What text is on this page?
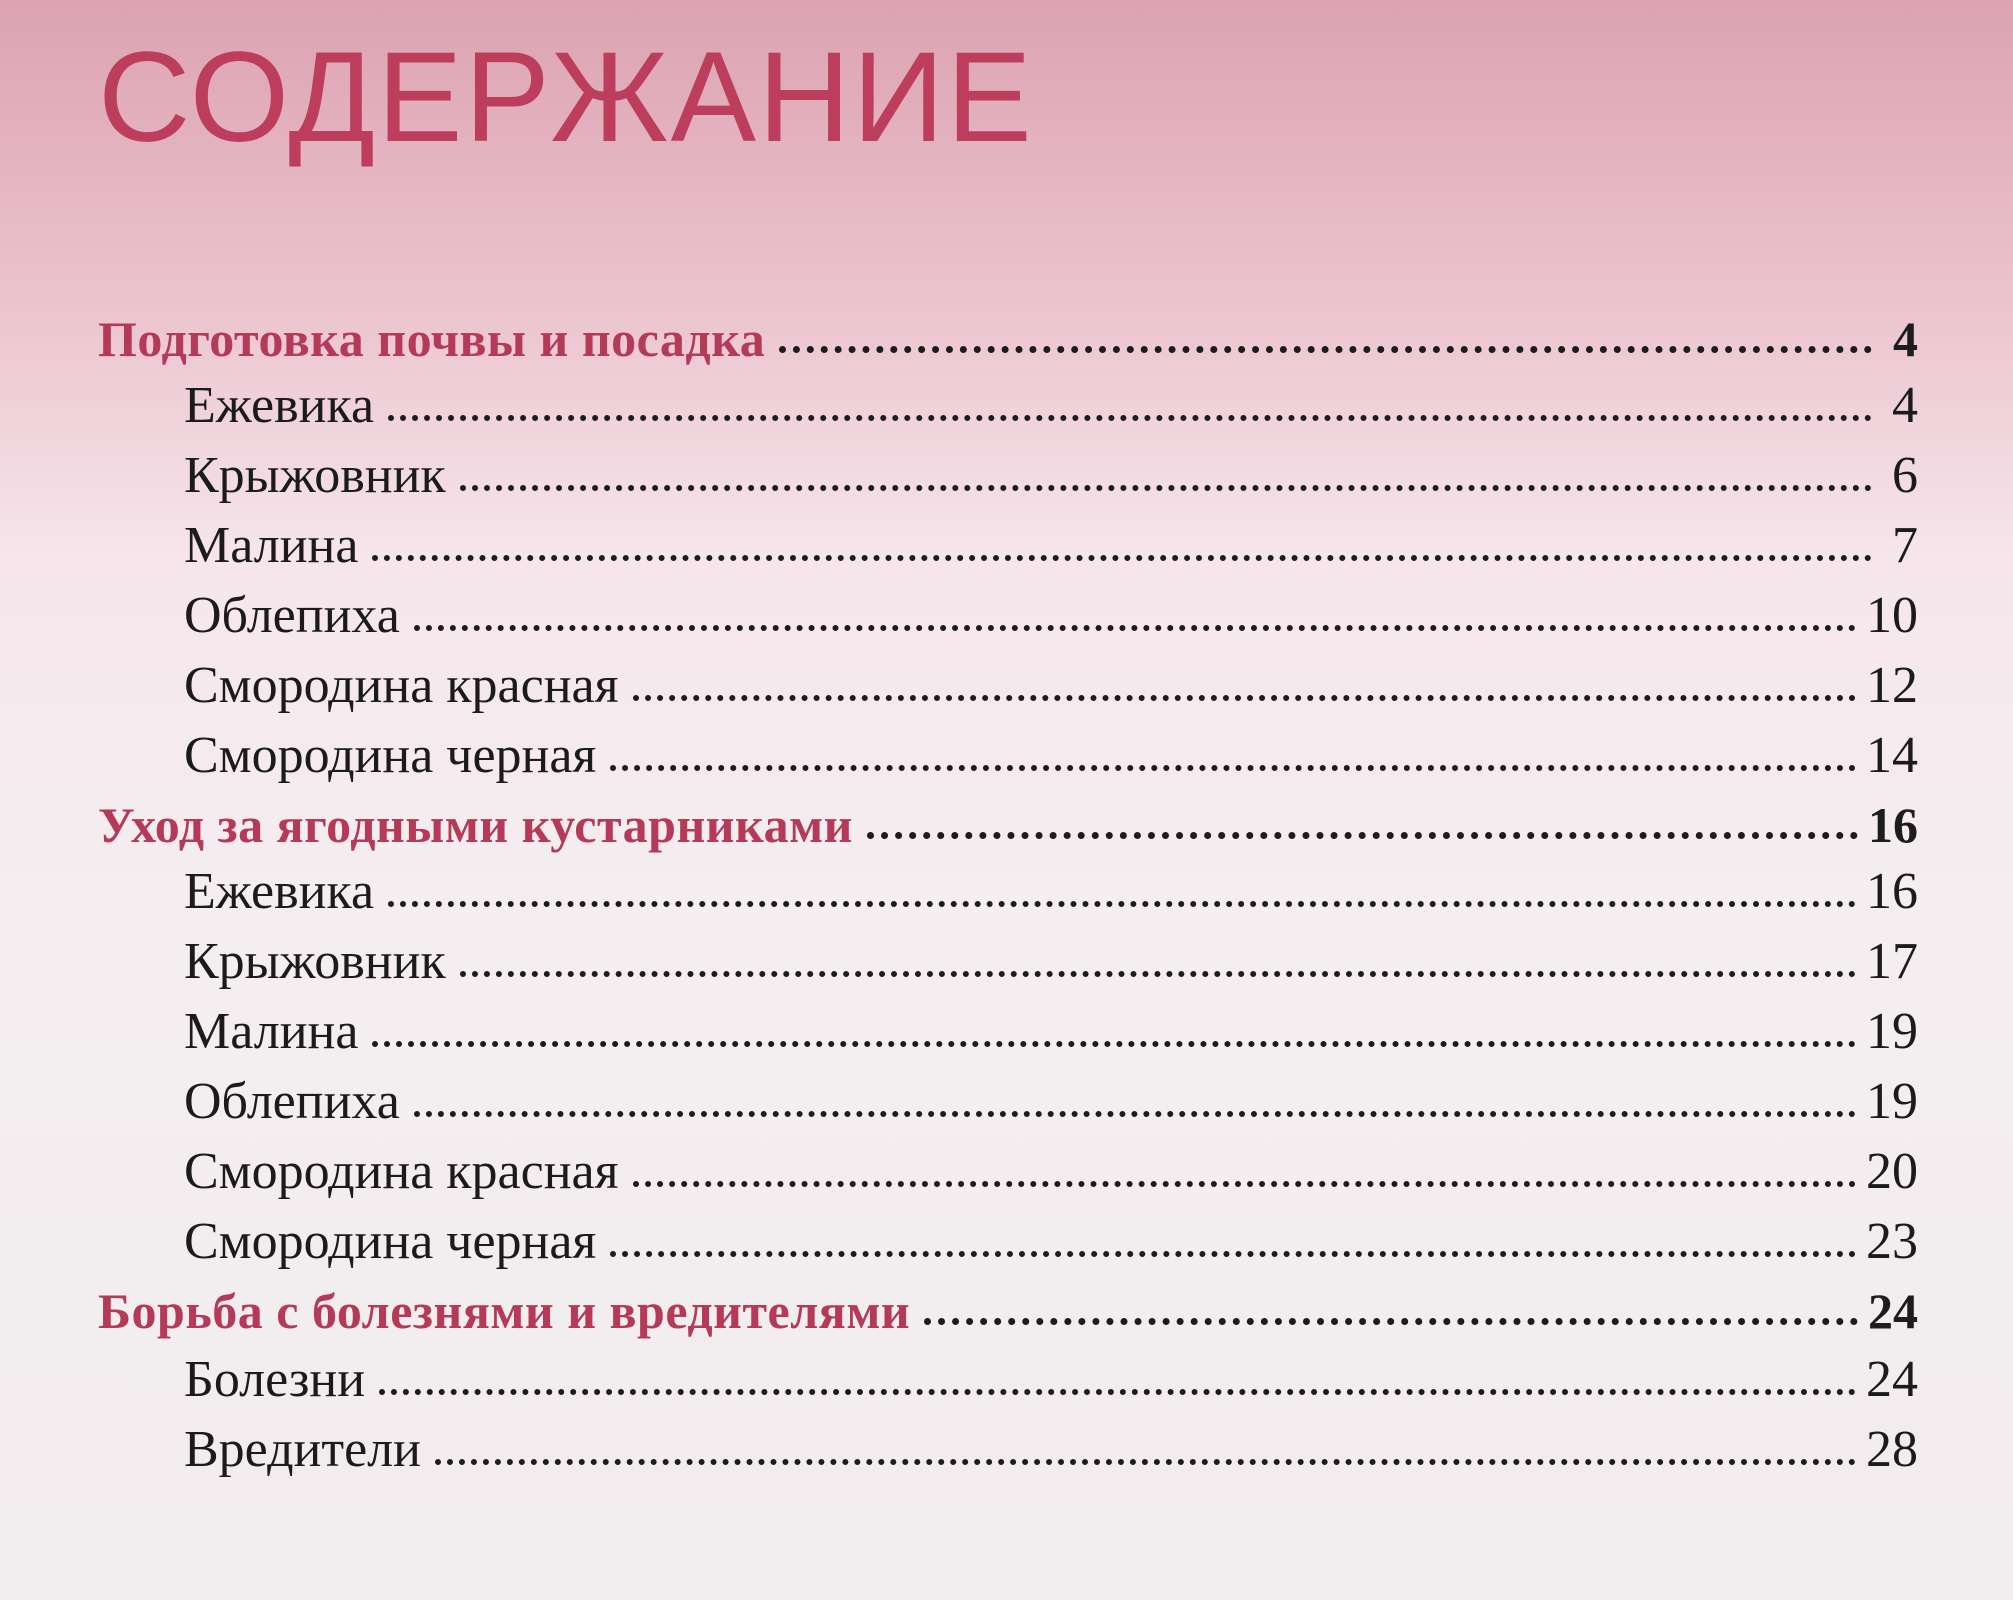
СОДЕРЖАНИЕ
Подготовка почвы и посадка	4
Ежевика	4
Крыжовник	6
Малина	7
Облепиха	10
Смородина красная	12
Смородина черная	14
Уход за ягодными кустарниками	16
Ежевика	16
Крыжовник	17
Малина	19
Облепиха	19
Смородина красная	20
Смородина черная	23
Борьба с болезнями и вредителями	24
Болезни	24
Вредители	28
